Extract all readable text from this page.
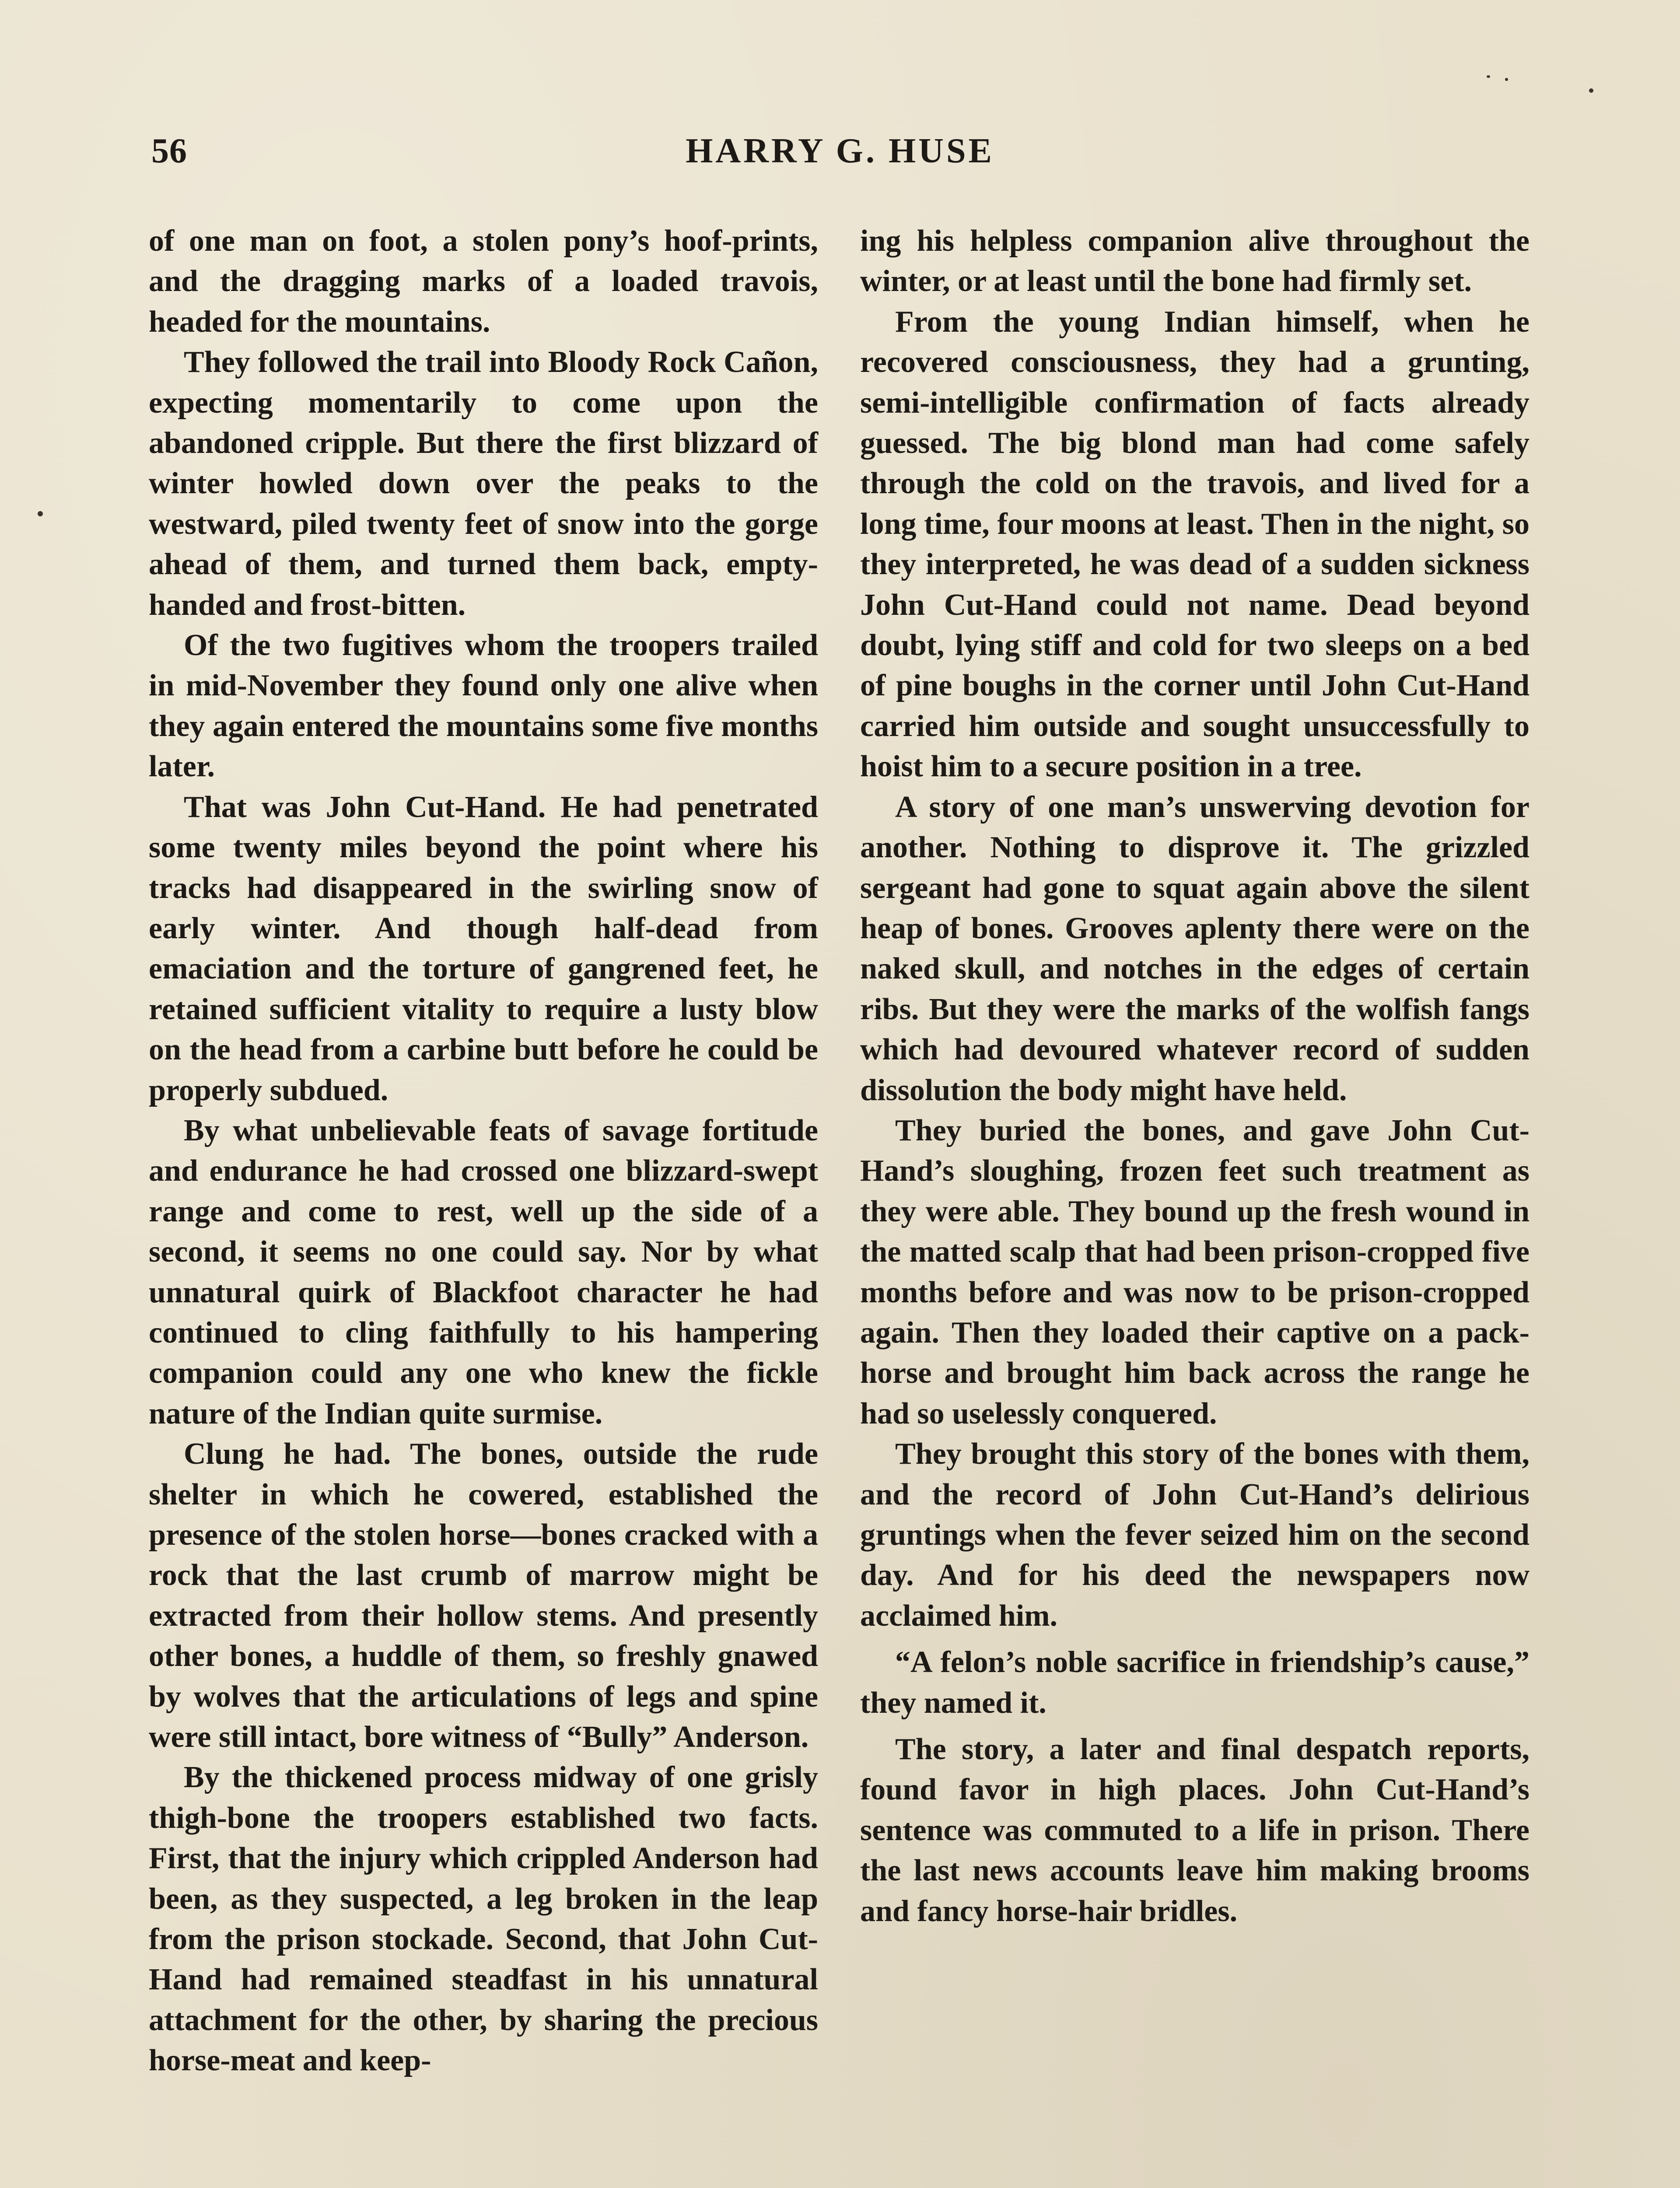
56	HARRY G. HUSE

of one man on foot, a stolen pony’s hoof-prints, and the dragging marks of a loaded travois, headed for the mountains.

They followed the trail into Bloody Rock Cañon, expecting momentarily to come upon the abandoned cripple. But there the first blizzard of winter howled down over the peaks to the westward, piled twenty feet of snow into the gorge ahead of them, and turned them back, empty-handed and frost-bitten.

Of the two fugitives whom the troopers trailed in mid-November they found only one alive when they again entered the mountains some five months later.

That was John Cut-Hand. He had penetrated some twenty miles beyond the point where his tracks had disappeared in the swirling snow of early winter. And though half-dead from emaciation and the torture of gangrened feet, he retained sufficient vitality to require a lusty blow on the head from a carbine butt before he could be properly subdued.

By what unbelievable feats of savage fortitude and endurance he had crossed one blizzard-swept range and come to rest, well up the side of a second, it seems no one could say. Nor by what unnatural quirk of Blackfoot character he had continued to cling faithfully to his hampering companion could any one who knew the fickle nature of the Indian quite surmise.

Clung he had. The bones, outside the rude shelter in which he cowered, established the presence of the stolen horse—bones cracked with a rock that the last crumb of marrow might be extracted from their hollow stems. And presently other bones, a huddle of them, so freshly gnawed by wolves that the articulations of legs and spine were still intact, bore witness of “Bully” Anderson.

By the thickened process midway of one grisly thigh-bone the troopers established two facts. First, that the injury which crippled Anderson had been, as they suspected, a leg broken in the leap from the prison stockade. Second, that John Cut-Hand had remained steadfast in his unnatural attachment for the other, by sharing the precious horse-meat and keep-

ing his helpless companion alive throughout the winter, or at least until the bone had firmly set.

From the young Indian himself, when he recovered consciousness, they had a grunting, semi-intelligible confirmation of facts already guessed. The big blond man had come safely through the cold on the travois, and lived for a long time, four moons at least. Then in the night, so they interpreted, he was dead of a sudden sickness John Cut-Hand could not name. Dead beyond doubt, lying stiff and cold for two sleeps on a bed of pine boughs in the corner until John Cut-Hand carried him outside and sought unsuccessfully to hoist him to a secure position in a tree.

A story of one man’s unswerving devotion for another. Nothing to disprove it. The grizzled sergeant had gone to squat again above the silent heap of bones. Grooves aplenty there were on the naked skull, and notches in the edges of certain ribs. But they were the marks of the wolfish fangs which had devoured whatever record of sudden dissolution the body might have held.

They buried the bones, and gave John Cut-Hand’s sloughing, frozen feet such treatment as they were able. They bound up the fresh wound in the matted scalp that had been prison-cropped five months before and was now to be prison-cropped again. Then they loaded their captive on a pack-horse and brought him back across the range he had so uselessly conquered.

They brought this story of the bones with them, and the record of John Cut-Hand’s delirious gruntings when the fever seized him on the second day. And for his deed the newspapers now acclaimed him.

“A felon’s noble sacrifice in friendship’s cause,” they named it.

The story, a later and final despatch reports, found favor in high places. John Cut-Hand’s sentence was commuted to a life in prison. There the last news accounts leave him making brooms and fancy horse-hair bridles.
